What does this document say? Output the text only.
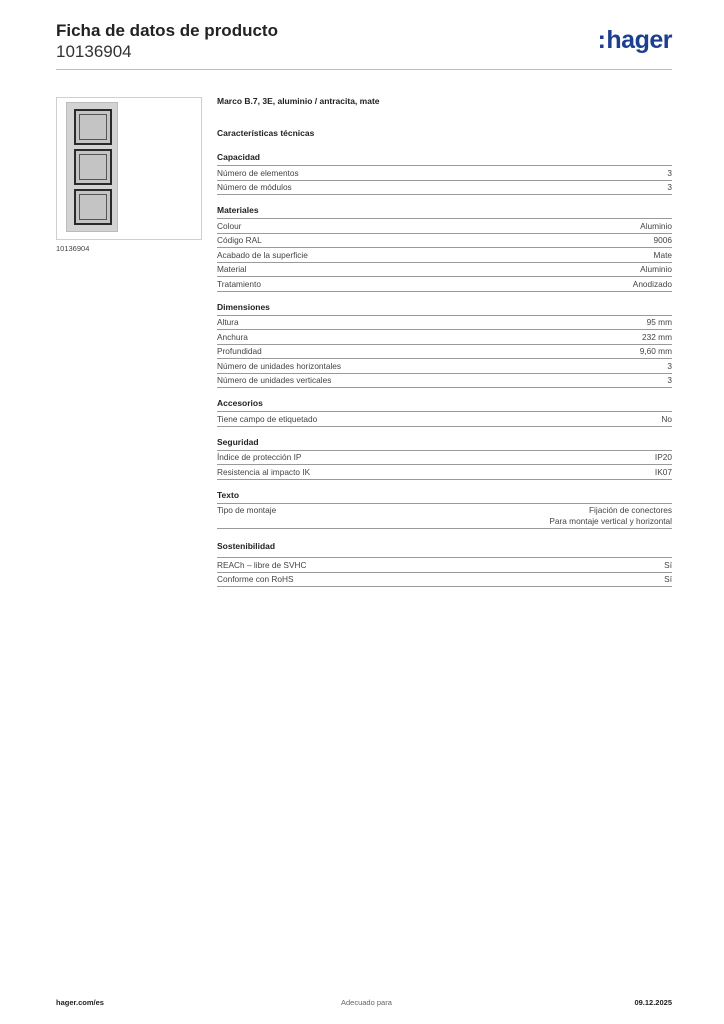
Ficha de datos de producto
10136904	:hager
10136904
Marco B.7, 3E, aluminio / antracita, mate
Características técnicas
Capacidad
Número de elementos	3
Número de módulos	3
Materiales
Colour	Aluminio
Código RAL	9006
Acabado de la superficie	Mate
Material	Aluminio
Tratamiento	Anodizado
Dimensiones
Altura	95 mm
Anchura	232 mm
Profundidad	9,60 mm
Número de unidades horizontales	3
Número de unidades verticales	3
Accesorios
Tiene campo de etiquetado	No
Seguridad
Índice de protección IP	IP20
Resistencia al impacto IK	IK07
Texto
Tipo de montaje	Fijación de conectores
Para montaje vertical y horizontal
Sostenibilidad
REACh – libre de SVHC	Sí
Conforme con RoHS	Sí
hager.com/es	Adecuado para	09.12.2025
